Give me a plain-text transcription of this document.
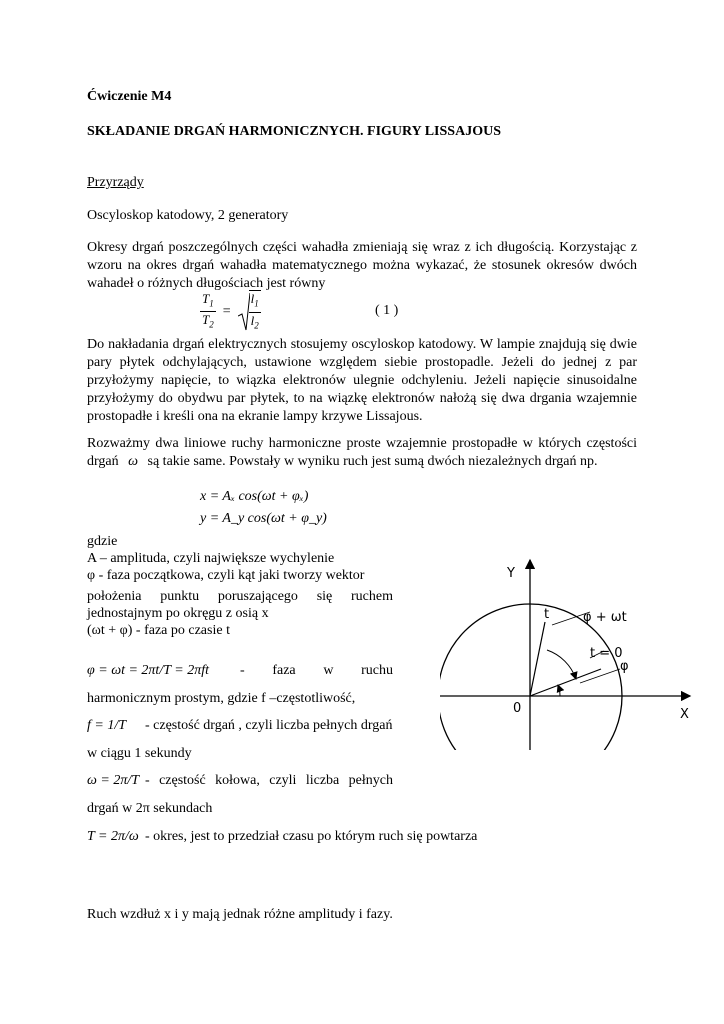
Ćwiczenie M4
SKŁADANIE DRGAŃ HARMONICZNYCH. FIGURY LISSAJOUS
Przyrządy
Oscyloskop katodowy, 2 generatory
Okresy drgań poszczególnych części wahadła zmieniają się wraz z ich długością. Korzystając z wzoru na okres drgań wahadła matematycznego można wykazać, że stosunek okresów dwóch wahadeł o różnych długościach jest równy
$\frac{T_1}{T_2} = \frac{l_1}{l_2}$	( 1 )
Do nakładania drgań elektrycznych stosujemy oscyloskop katodowy. W lampie znajdują się dwie pary płytek odchylających, ustawione względem siebie prostopadle. Jeżeli do jednej z par przyłożymy napięcie, to wiązka elektronów ulegnie odchyleniu. Jeżeli napięcie sinusoidalne przyłożymy do obydwu par płytek, to na wiązkę elektronów nałożą się dwa drgania wzajemnie prostopadłe i kreśli ona na ekranie lampy krzywe Lissajous.
Rozważmy dwa liniowe ruchy harmoniczne proste wzajemnie prostopadłe w których częstości drgań ω są takie same. Powstały w wyniku ruch jest sumą dwóch niezależnych drgań np.
x = Aₓ cos(ωt + φₓ)
y = A_y cos(ωt + φ_y)
gdzie
A – amplituda, czyli największe wychylenie
φ - faza początkowa, czyli kąt jaki tworzy wektor
położenia punktu poruszającego się ruchem
jednostajnym po okręgu z osią x
(ωt + φ) - faza po czasie t
φ = ωt = 2πt/T = 2πft - faza w ruchu
harmonicznym prostym, gdzie f –częstotliwość,
f = 1/T - częstość drgań , czyli liczba pełnych drgań
w ciągu 1 sekundy
ω = 2π/T - częstość kołowa, czyli liczba pełnych
drgań w 2π sekundach
T = 2π/ω - okres, jest to przedział czasu po którym ruch się powtarza
Ruch wzdłuż x i y mają jednak różne amplitudy i fazy.
Y
X
0
t	φ + ωt
t = 0
φ
